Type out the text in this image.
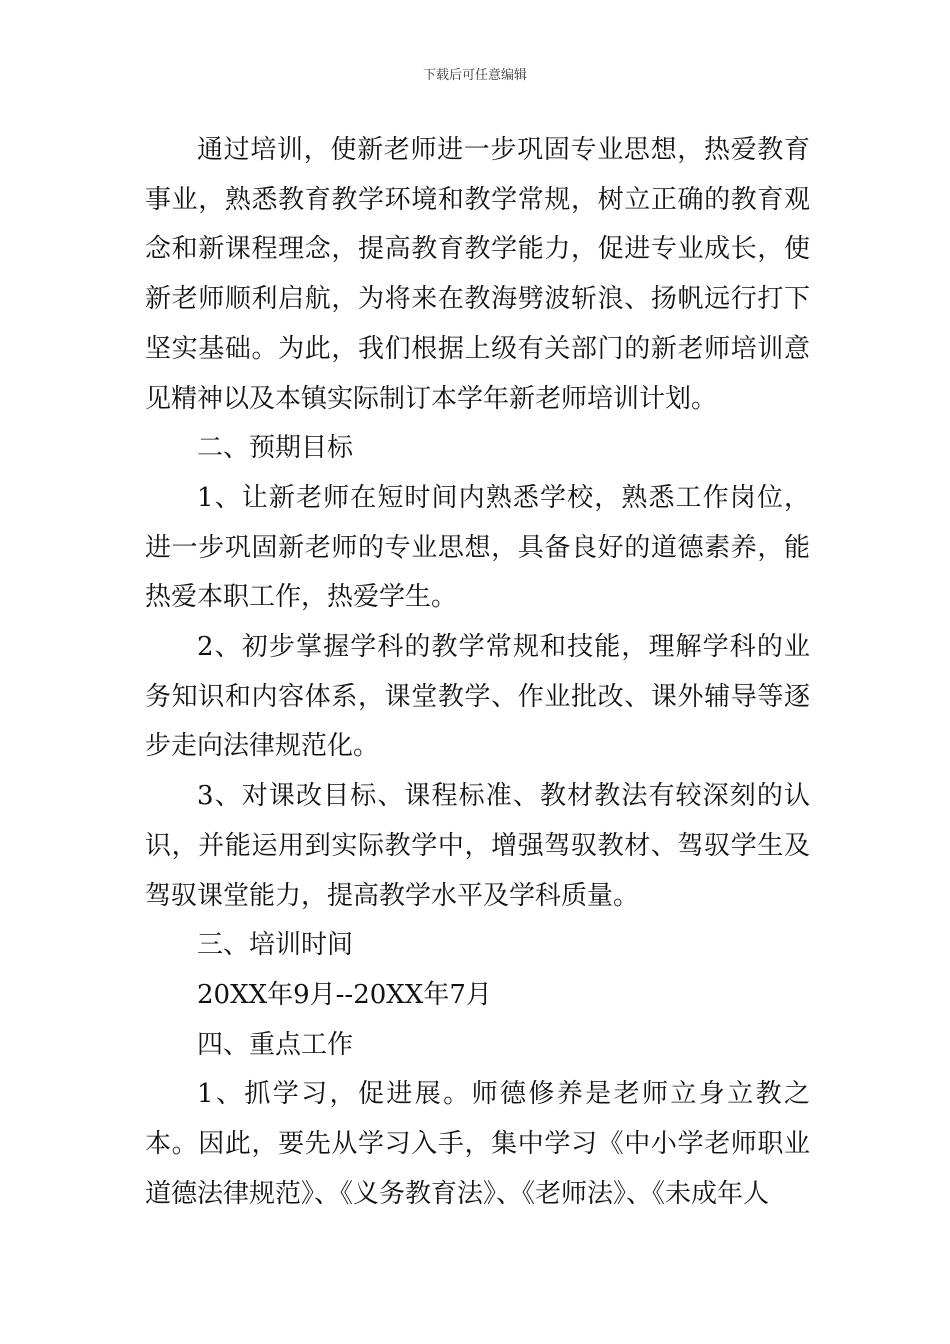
下载后可任意编辑

通过培训，使新老师进一步巩固专业思想，热爱教育事业，熟悉教育教学环境和教学常规，树立正确的教育观念和新课程理念，提高教育教学能力，促进专业成长，使新老师顺利启航，为将来在教海劈波斩浪、扬帆远行打下坚实基础。为此，我们根据上级有关部门的新老师培训意见精神以及本镇实际制订本学年新老师培训计划。

二、预期目标

1、让新老师在短时间内熟悉学校，熟悉工作岗位，进一步巩固新老师的专业思想，具备良好的道德素养，能热爱本职工作，热爱学生。

2、初步掌握学科的教学常规和技能，理解学科的业务知识和内容体系，课堂教学、作业批改、课外辅导等逐步走向法律规范化。

3、对课改目标、课程标准、教材教法有较深刻的认识，并能运用到实际教学中，增强驾驭教材、驾驭学生及驾驭课堂能力，提高教学水平及学科质量。

三、培训时间

20XX年9月--20XX年7月

四、重点工作

1、抓学习，促进展。师德修养是老师立身立教之本。因此，要先从学习入手，集中学习《中小学老师职业道德法律规范》、《义务教育法》、《老师法》、《未成年人
